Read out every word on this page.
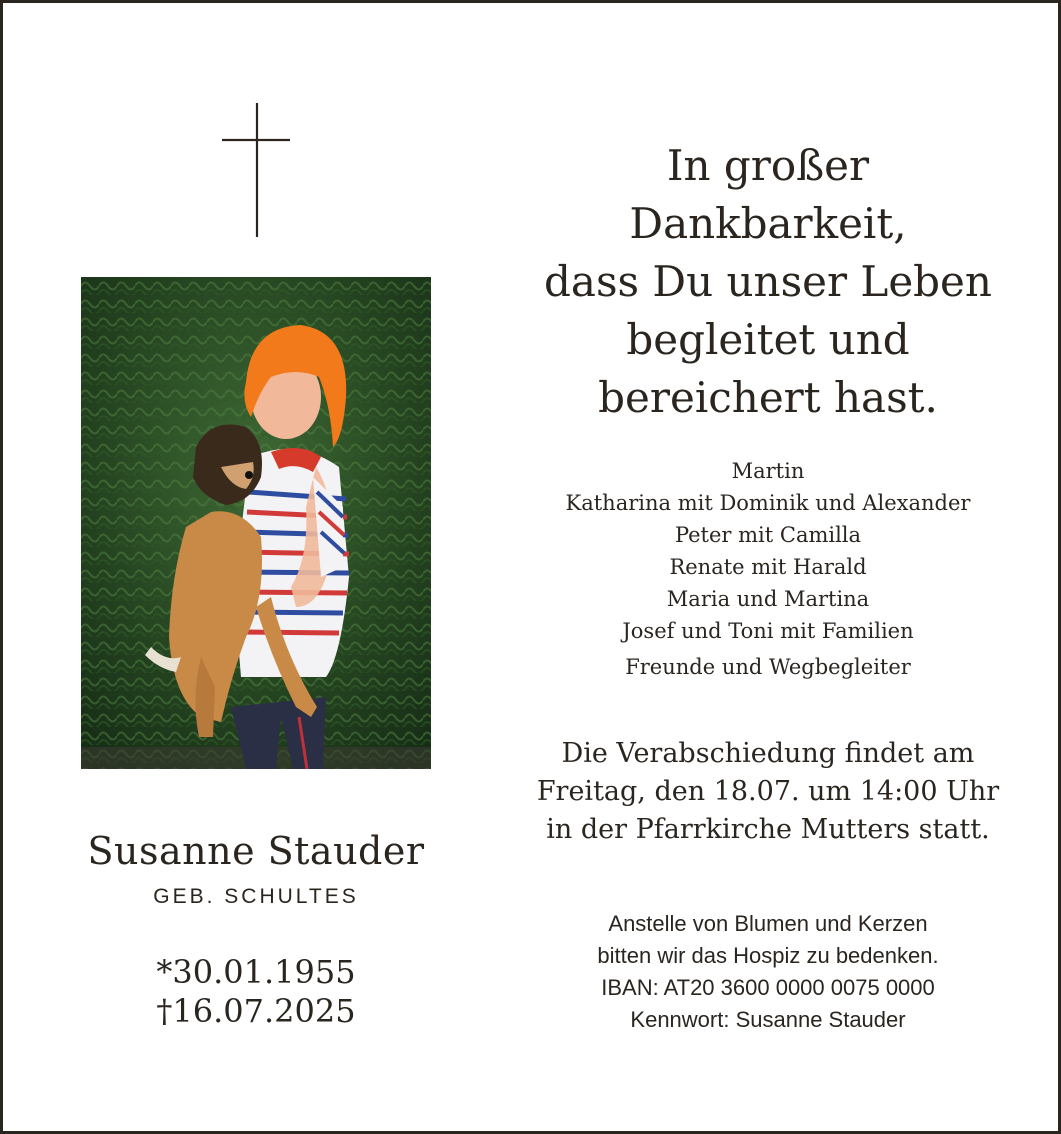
Susanne Stauder
GEB. SCHULTES
*30.01.1955
†16.07.2025
In großer
Dankbarkeit,
dass Du unser Leben
begleitet und
bereichert hast.
Martin
Katharina mit Dominik und Alexander
Peter mit Camilla
Renate mit Harald
Maria und Martina
Josef und Toni mit Familien
Freunde und Wegbegleiter
Die Verabschiedung findet am
Freitag, den 18.07. um 14:00 Uhr
in der Pfarrkirche Mutters statt.
Anstelle von Blumen und Kerzen
bitten wir das Hospiz zu bedenken.
IBAN: AT20 3600 0000 0075 0000
Kennwort: Susanne Stauder
